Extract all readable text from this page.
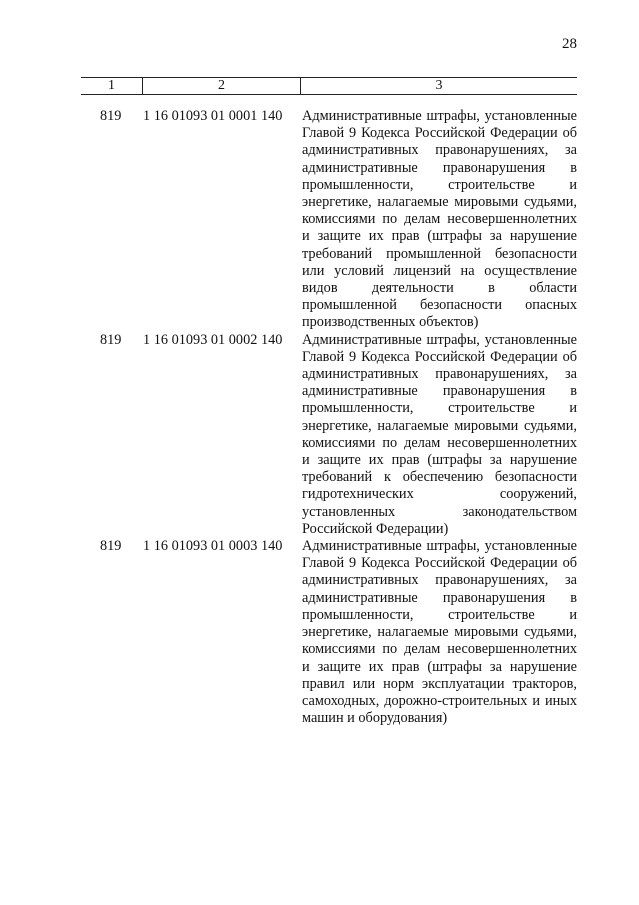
28
1	2	3
819 1 16 01093 01 0001 140 Административные штрафы, установленные Главой 9 Кодекса Российской Федерации об административных правонарушениях, за административные правонарушения в промышленности, строительстве и энергетике, налагаемые мировыми судьями, комиссиями по делам несовершеннолетних и защите их прав (штрафы за нарушение требований промышленной безопасности или условий лицензий на осуществление видов деятельности в области промышленной безопасности опасных производственных объектов)
819 1 16 01093 01 0002 140 Административные штрафы, установленные Главой 9 Кодекса Российской Федерации об административных правонарушениях, за административные правонарушения в промышленности, строительстве и энергетике, налагаемые мировыми судьями, комиссиями по делам несовершеннолетних и защите их прав (штрафы за нарушение требований к обеспечению безопасности гидротехнических сооружений, установленных законодательством Российской Федерации)
819 1 16 01093 01 0003 140 Административные штрафы, установленные Главой 9 Кодекса Российской Федерации об административных правонарушениях, за административные правонарушения в промышленности, строительстве и энергетике, налагаемые мировыми судьями, комиссиями по делам несовершеннолетних и защите их прав (штрафы за нарушение правил или норм эксплуатации тракторов, самоходных, дорожно-строительных и иных машин и оборудования)
